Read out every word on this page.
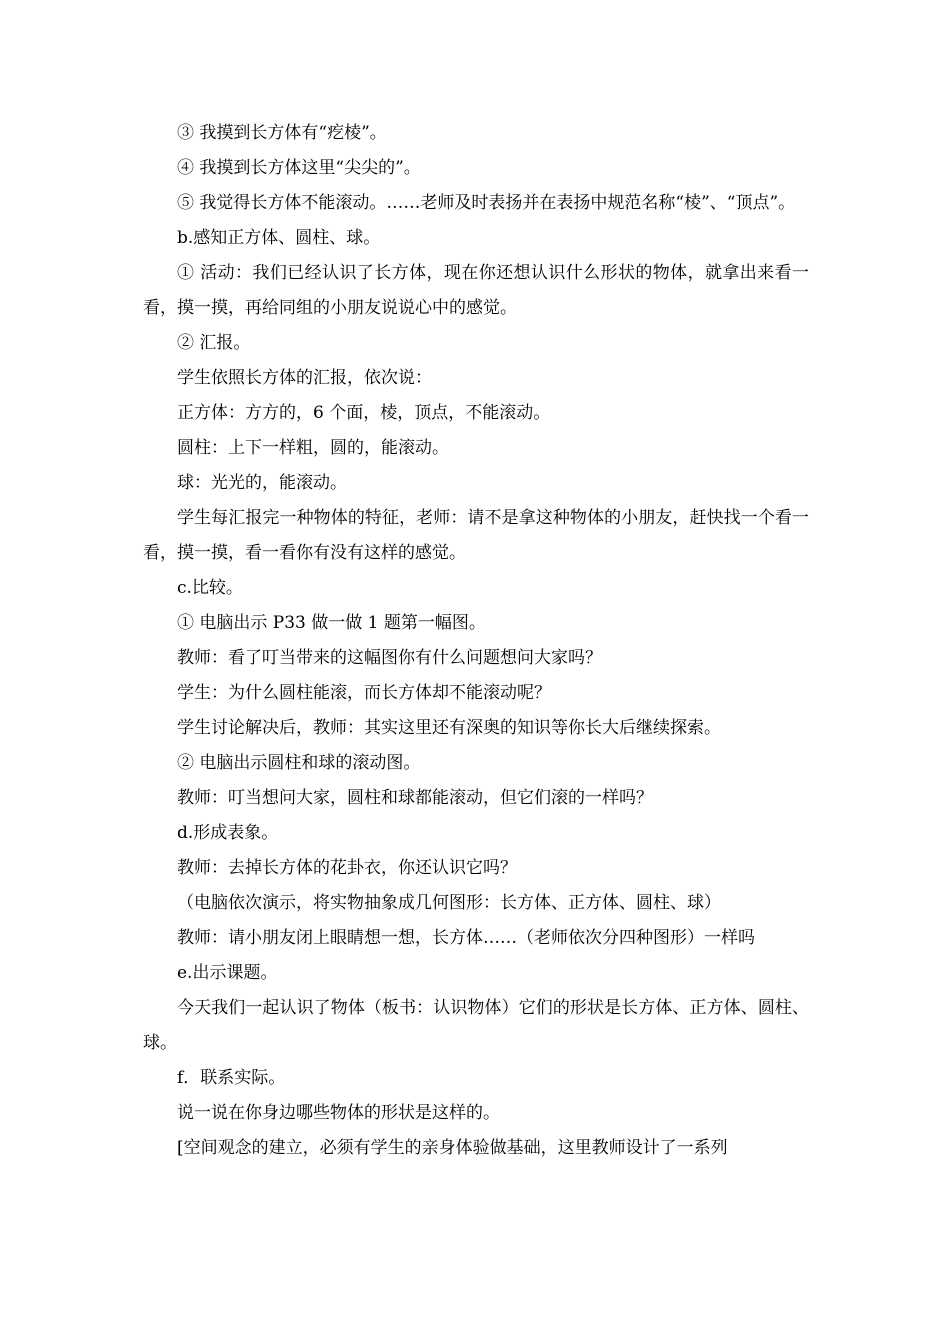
③ 我摸到长方体有“疙棱”。

④ 我摸到长方体这里“尖尖的”。

⑤ 我觉得长方体不能滚动。……老师及时表扬并在表扬中规范名称“棱”、“顶点”。

b.感知正方体、圆柱、球。

① 活动：我们已经认识了长方体，现在你还想认识什么形状的物体，就拿出来看一看，摸一摸，再给同组的小朋友说说心中的感觉。

② 汇报。

学生依照长方体的汇报，依次说：

正方体：方方的，6 个面，棱，顶点，不能滚动。

圆柱：上下一样粗，圆的，能滚动。

球：光光的，能滚动。

学生每汇报完一种物体的特征，老师：请不是拿这种物体的小朋友，赶快找一个看一看，摸一摸，看一看你有没有这样的感觉。

c.比较。

① 电脑出示 P33 做一做 1 题第一幅图。

教师：看了叮当带来的这幅图你有什么问题想问大家吗？

学生：为什么圆柱能滚，而长方体却不能滚动呢？

学生讨论解决后，教师：其实这里还有深奥的知识等你长大后继续探索。

② 电脑出示圆柱和球的滚动图。

教师：叮当想问大家，圆柱和球都能滚动，但它们滚的一样吗？

d.形成表象。

教师：去掉长方体的花卦衣，你还认识它吗？

（电脑依次演示，将实物抽象成几何图形：长方体、正方体、圆柱、球）

教师：请小朋友闭上眼睛想一想，长方体……（老师依次分四种图形）一样吗

e.出示课题。

今天我们一起认识了物体（板书：认识物体）它们的形状是长方体、正方体、圆柱、球。

f．联系实际。

说一说在你身边哪些物体的形状是这样的。

[空间观念的建立，必须有学生的亲身体验做基础，这里教师设计了一系列
